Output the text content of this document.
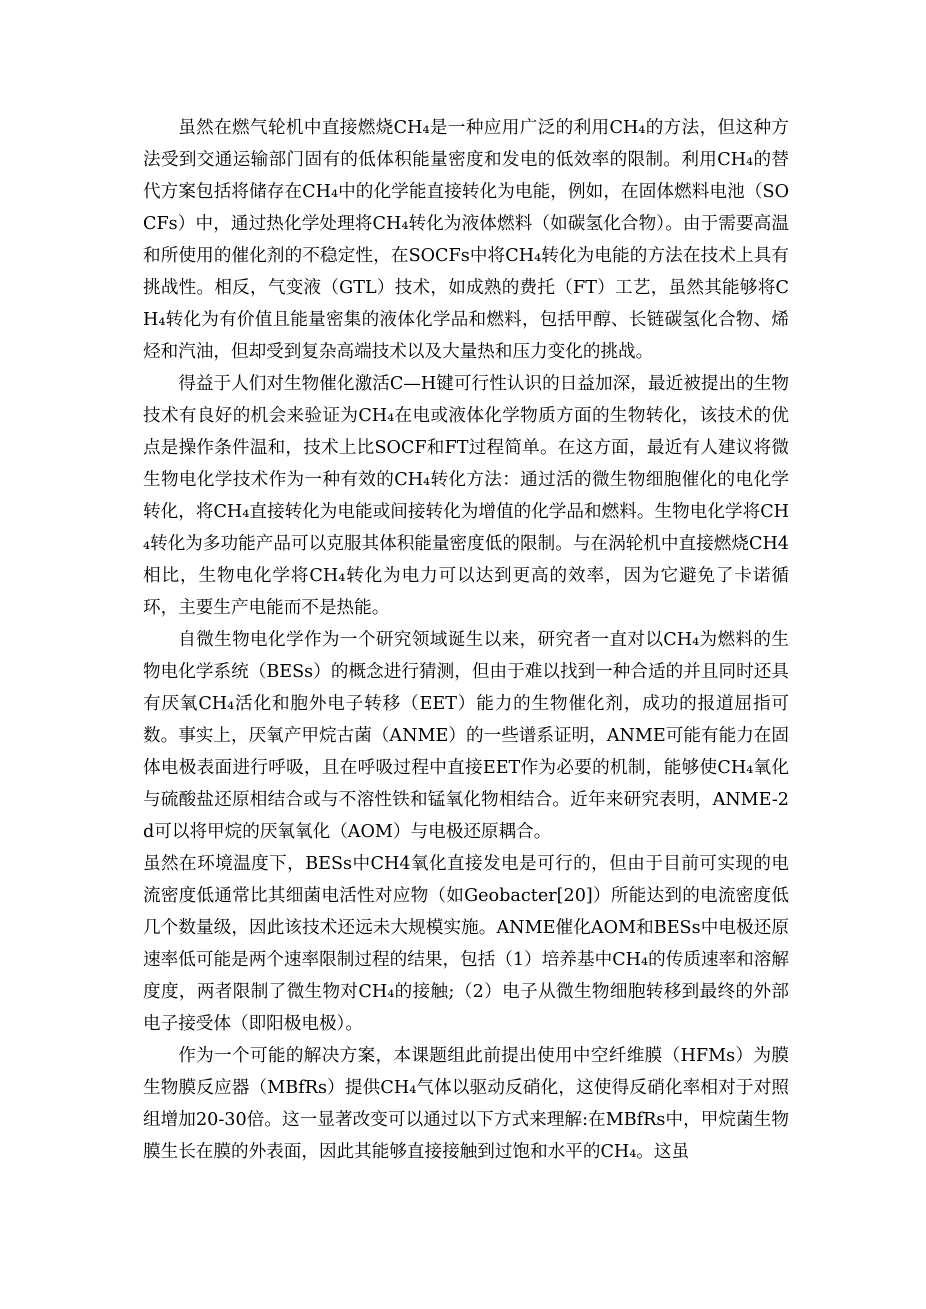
虽然在燃气轮机中直接燃烧CH₄是一种应用广泛的利用CH₄的方法，但这种方法受到交通运输部门固有的低体积能量密度和发电的低效率的限制。利用CH₄的替代方案包括将储存在CH₄中的化学能直接转化为电能，例如，在固体燃料电池（SOCFs）中，通过热化学处理将CH₄转化为液体燃料（如碳氢化合物）。由于需要高温和所使用的催化剂的不稳定性，在SOCFs中将CH₄转化为电能的方法在技术上具有挑战性。相反，气变液（GTL）技术，如成熟的费托（FT）工艺，虽然其能够将CH₄转化为有价值且能量密集的液体化学品和燃料，包括甲醇、长链碳氢化合物、烯烃和汽油，但却受到复杂高端技术以及大量热和压力变化的挑战。

得益于人们对生物催化激活C—H键可行性认识的日益加深，最近被提出的生物技术有良好的机会来验证为CH₄在电或液体化学物质方面的生物转化，该技术的优点是操作条件温和，技术上比SOCF和FT过程简单。在这方面，最近有人建议将微生物电化学技术作为一种有效的CH₄转化方法：通过活的微生物细胞催化的电化学转化，将CH₄直接转化为电能或间接转化为增值的化学品和燃料。生物电化学将CH₄转化为多功能产品可以克服其体积能量密度低的限制。与在涡轮机中直接燃烧CH4相比，生物电化学将CH₄转化为电力可以达到更高的效率，因为它避免了卡诺循环，主要生产电能而不是热能。

自微生物电化学作为一个研究领域诞生以来，研究者一直对以CH₄为燃料的生物电化学系统（BESs）的概念进行猜测，但由于难以找到一种合适的并且同时还具有厌氧CH₄活化和胞外电子转移（EET）能力的生物催化剂，成功的报道屈指可数。事实上，厌氧产甲烷古菌（ANME）的一些谱系证明，ANME可能有能力在固体电极表面进行呼吸，且在呼吸过程中直接EET作为必要的机制，能够使CH₄氧化与硫酸盐还原相结合或与不溶性铁和锰氧化物相结合。近年来研究表明，ANME-2d可以将甲烷的厌氧氧化（AOM）与电极还原耦合。

虽然在环境温度下，BESs中CH4氧化直接发电是可行的，但由于目前可实现的电流密度低通常比其细菌电活性对应物（如Geobacter[20]）所能达到的电流密度低几个数量级，因此该技术还远未大规模实施。ANME催化AOM和BESs中电极还原速率低可能是两个速率限制过程的结果，包括（1）培养基中CH₄的传质速率和溶解度度，两者限制了微生物对CH₄的接触;（2）电子从微生物细胞转移到最终的外部电子接受体（即阳极电极）。

作为一个可能的解决方案，本课题组此前提出使用中空纤维膜（HFMs）为膜生物膜反应器（MBfRs）提供CH₄气体以驱动反硝化，这使得反硝化率相对于对照组增加20-30倍。这一显著改变可以通过以下方式来理解:在MBfRs中，甲烷菌生物膜生长在膜的外表面，因此其能够直接接触到过饱和水平的CH₄。这虽
